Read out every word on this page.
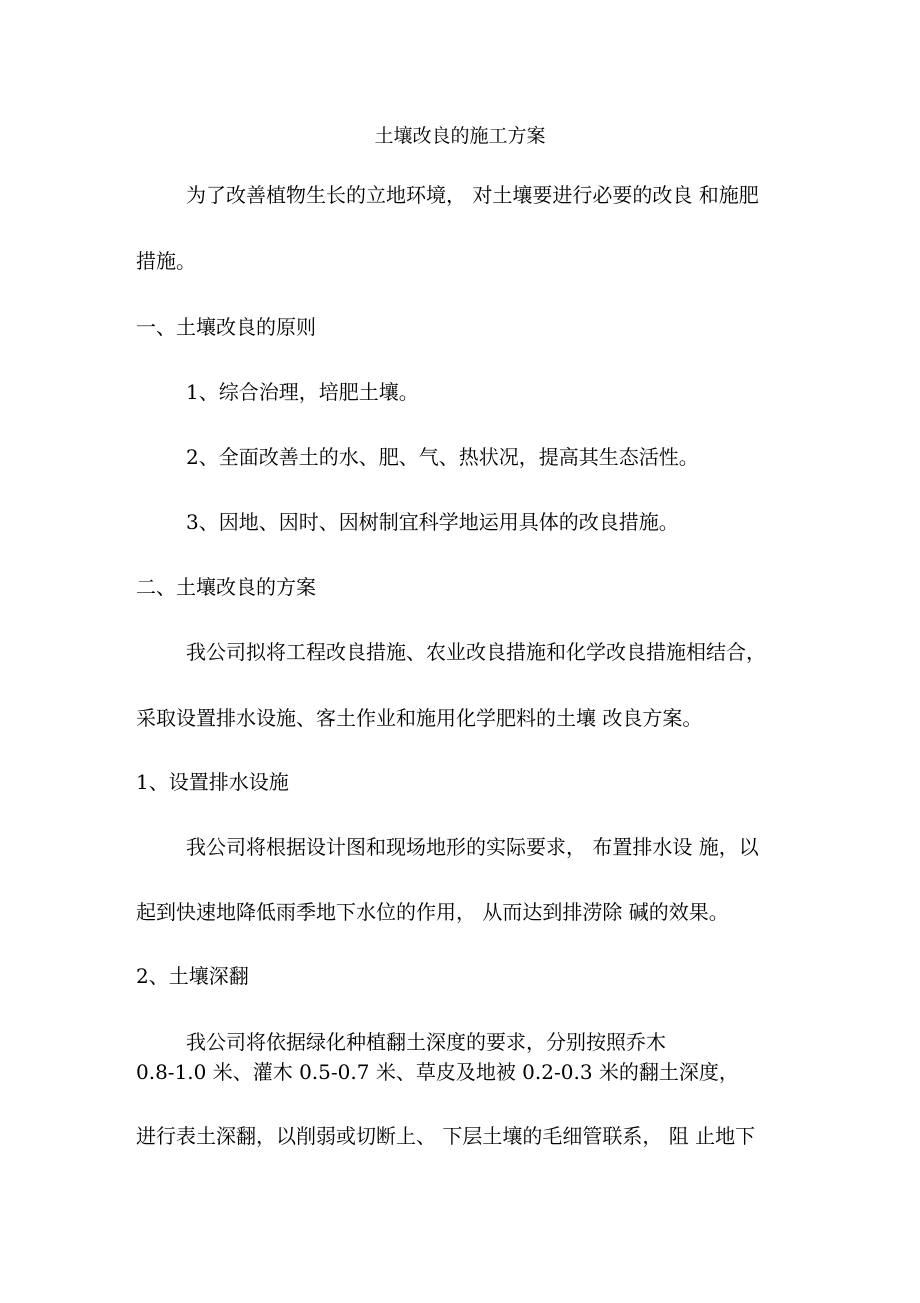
土壤改良的施工方案
为了改善植物生长的立地环境， 对土壤要进行必要的改良 和施肥
措施。
一、土壤改良的原则
1、综合治理，培肥土壤。
2、全面改善土的水、肥、气、热状况，提高其生态活性。
3、因地、因时、因树制宜科学地运用具体的改良措施。
二、土壤改良的方案
我公司拟将工程改良措施、农业改良措施和化学改良措施相结合，
采取设置排水设施、客土作业和施用化学肥料的土壤 改良方案。
1、设置排水设施
我公司将根据设计图和现场地形的实际要求， 布置排水设 施，以
起到快速地降低雨季地下水位的作用， 从而达到排涝除 碱的效果。
2、土壤深翻
我公司将依据绿化种植翻土深度的要求，分别按照乔木
0.8-1.0 米、灌木 0.5-0.7 米、草皮及地被 0.2-0.3 米的翻土深度，
进行表土深翻，以削弱或切断上、 下层土壤的毛细管联系， 阻 止地下
